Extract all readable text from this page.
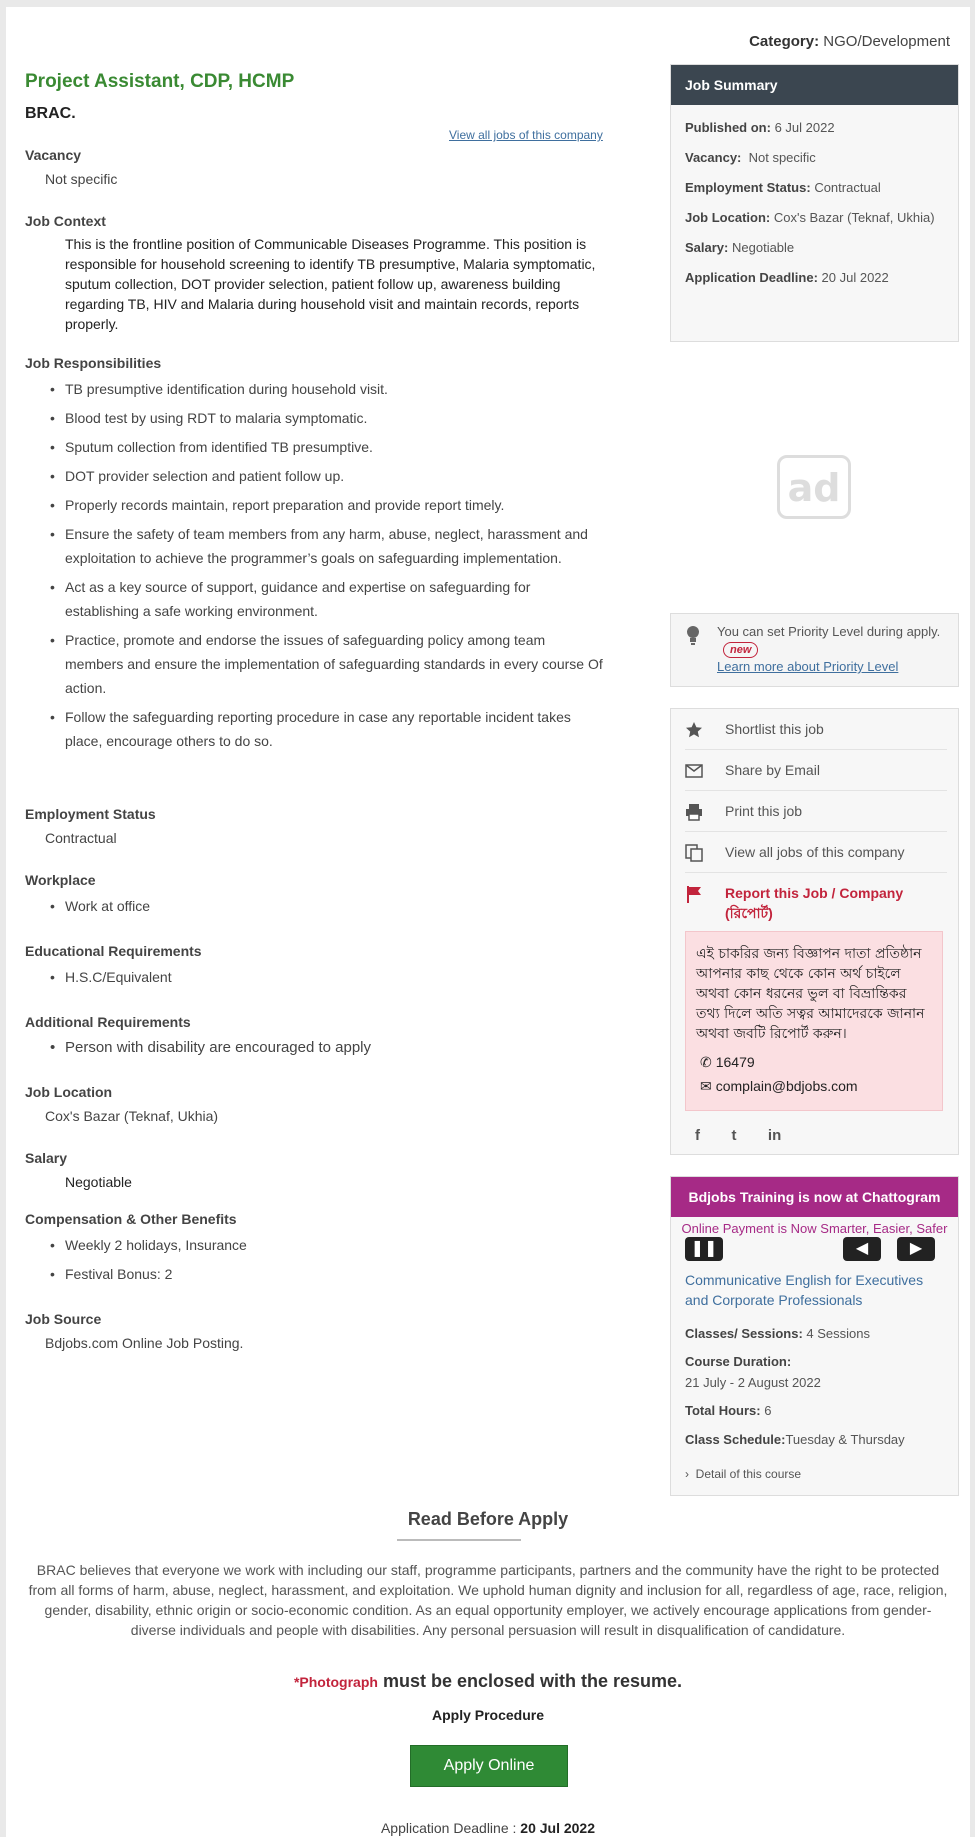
Category: NGO/Development
Project Assistant, CDP, HCMP
BRAC.
View all jobs of this company
Vacancy
Not specific
Job Context
This is the frontline position of Communicable Diseases Programme. This position is responsible for household screening to identify TB presumptive, Malaria symptomatic, sputum collection, DOT provider selection, patient follow up, awareness building regarding TB, HIV and Malaria during household visit and maintain records, reports properly.
Job Responsibilities
• TB presumptive identification during household visit.
• Blood test by using RDT to malaria symptomatic.
• Sputum collection from identified TB presumptive.
• DOT provider selection and patient follow up.
• Properly records maintain, report preparation and provide report timely.
• Ensure the safety of team members from any harm, abuse, neglect, harassment and exploitation to achieve the programmer’s goals on safeguarding implementation.
• Act as a key source of support, guidance and expertise on safeguarding for establishing a safe working environment.
• Practice, promote and endorse the issues of safeguarding policy among team members and ensure the implementation of safeguarding standards in every course Of action.
• Follow the safeguarding reporting procedure in case any reportable incident takes place, encourage others to do so.
Employment Status
Contractual
Workplace
• Work at office
Educational Requirements
• H.S.C/Equivalent
Additional Requirements
• Person with disability are encouraged to apply
Job Location
Cox's Bazar (Teknaf, Ukhia)
Salary
Negotiable
Compensation & Other Benefits
• Weekly 2 holidays, Insurance
• Festival Bonus: 2
Job Source
Bdjobs.com Online Job Posting.
Job Summary
Published on: 6 Jul 2022
Vacancy: Not specific
Employment Status: Contractual
Job Location: Cox's Bazar (Teknaf, Ukhia)
Salary: Negotiable
Application Deadline: 20 Jul 2022
ad
You can set Priority Level during apply. new
Learn more about Priority Level
Shortlist this job
Share by Email
Print this job
View all jobs of this company
Report this Job / Company (রিপোর্ট)
এই চাকরির জন্য বিজ্ঞাপন দাতা প্রতিষ্ঠান আপনার কাছ থেকে কোন অর্থ চাইলে অথবা কোন ধরনের ভুল বা বিভ্রান্তিকর তথ্য দিলে অতি সত্বর আমাদেরকে জানান অথবা জবটি রিপোর্ট করুন।
✆ 16479
✉ complain@bdjobs.com
f t in
Bdjobs Training is now at Chattogram
Online Payment is Now Smarter, Easier, Safer
❚❚	◀	▶
Communicative English for Executives and Corporate Professionals
Classes/ Sessions: 4 Sessions
Course Duration:
21 July - 2 August 2022
Total Hours: 6
Class Schedule:Tuesday & Thursday
› Detail of this course
Read Before Apply
BRAC believes that everyone we work with including our staff, programme participants, partners and the community have the right to be protected from all forms of harm, abuse, neglect, harassment, and exploitation. We uphold human dignity and inclusion for all, regardless of age, race, religion, gender, disability, ethnic origin or socio-economic condition. As an equal opportunity employer, we actively encourage applications from gender-diverse individuals and people with disabilities. Any personal persuasion will result in disqualification of candidature.
*Photograph must be enclosed with the resume.
Apply Procedure
Apply Online
Application Deadline : 20 Jul 2022
